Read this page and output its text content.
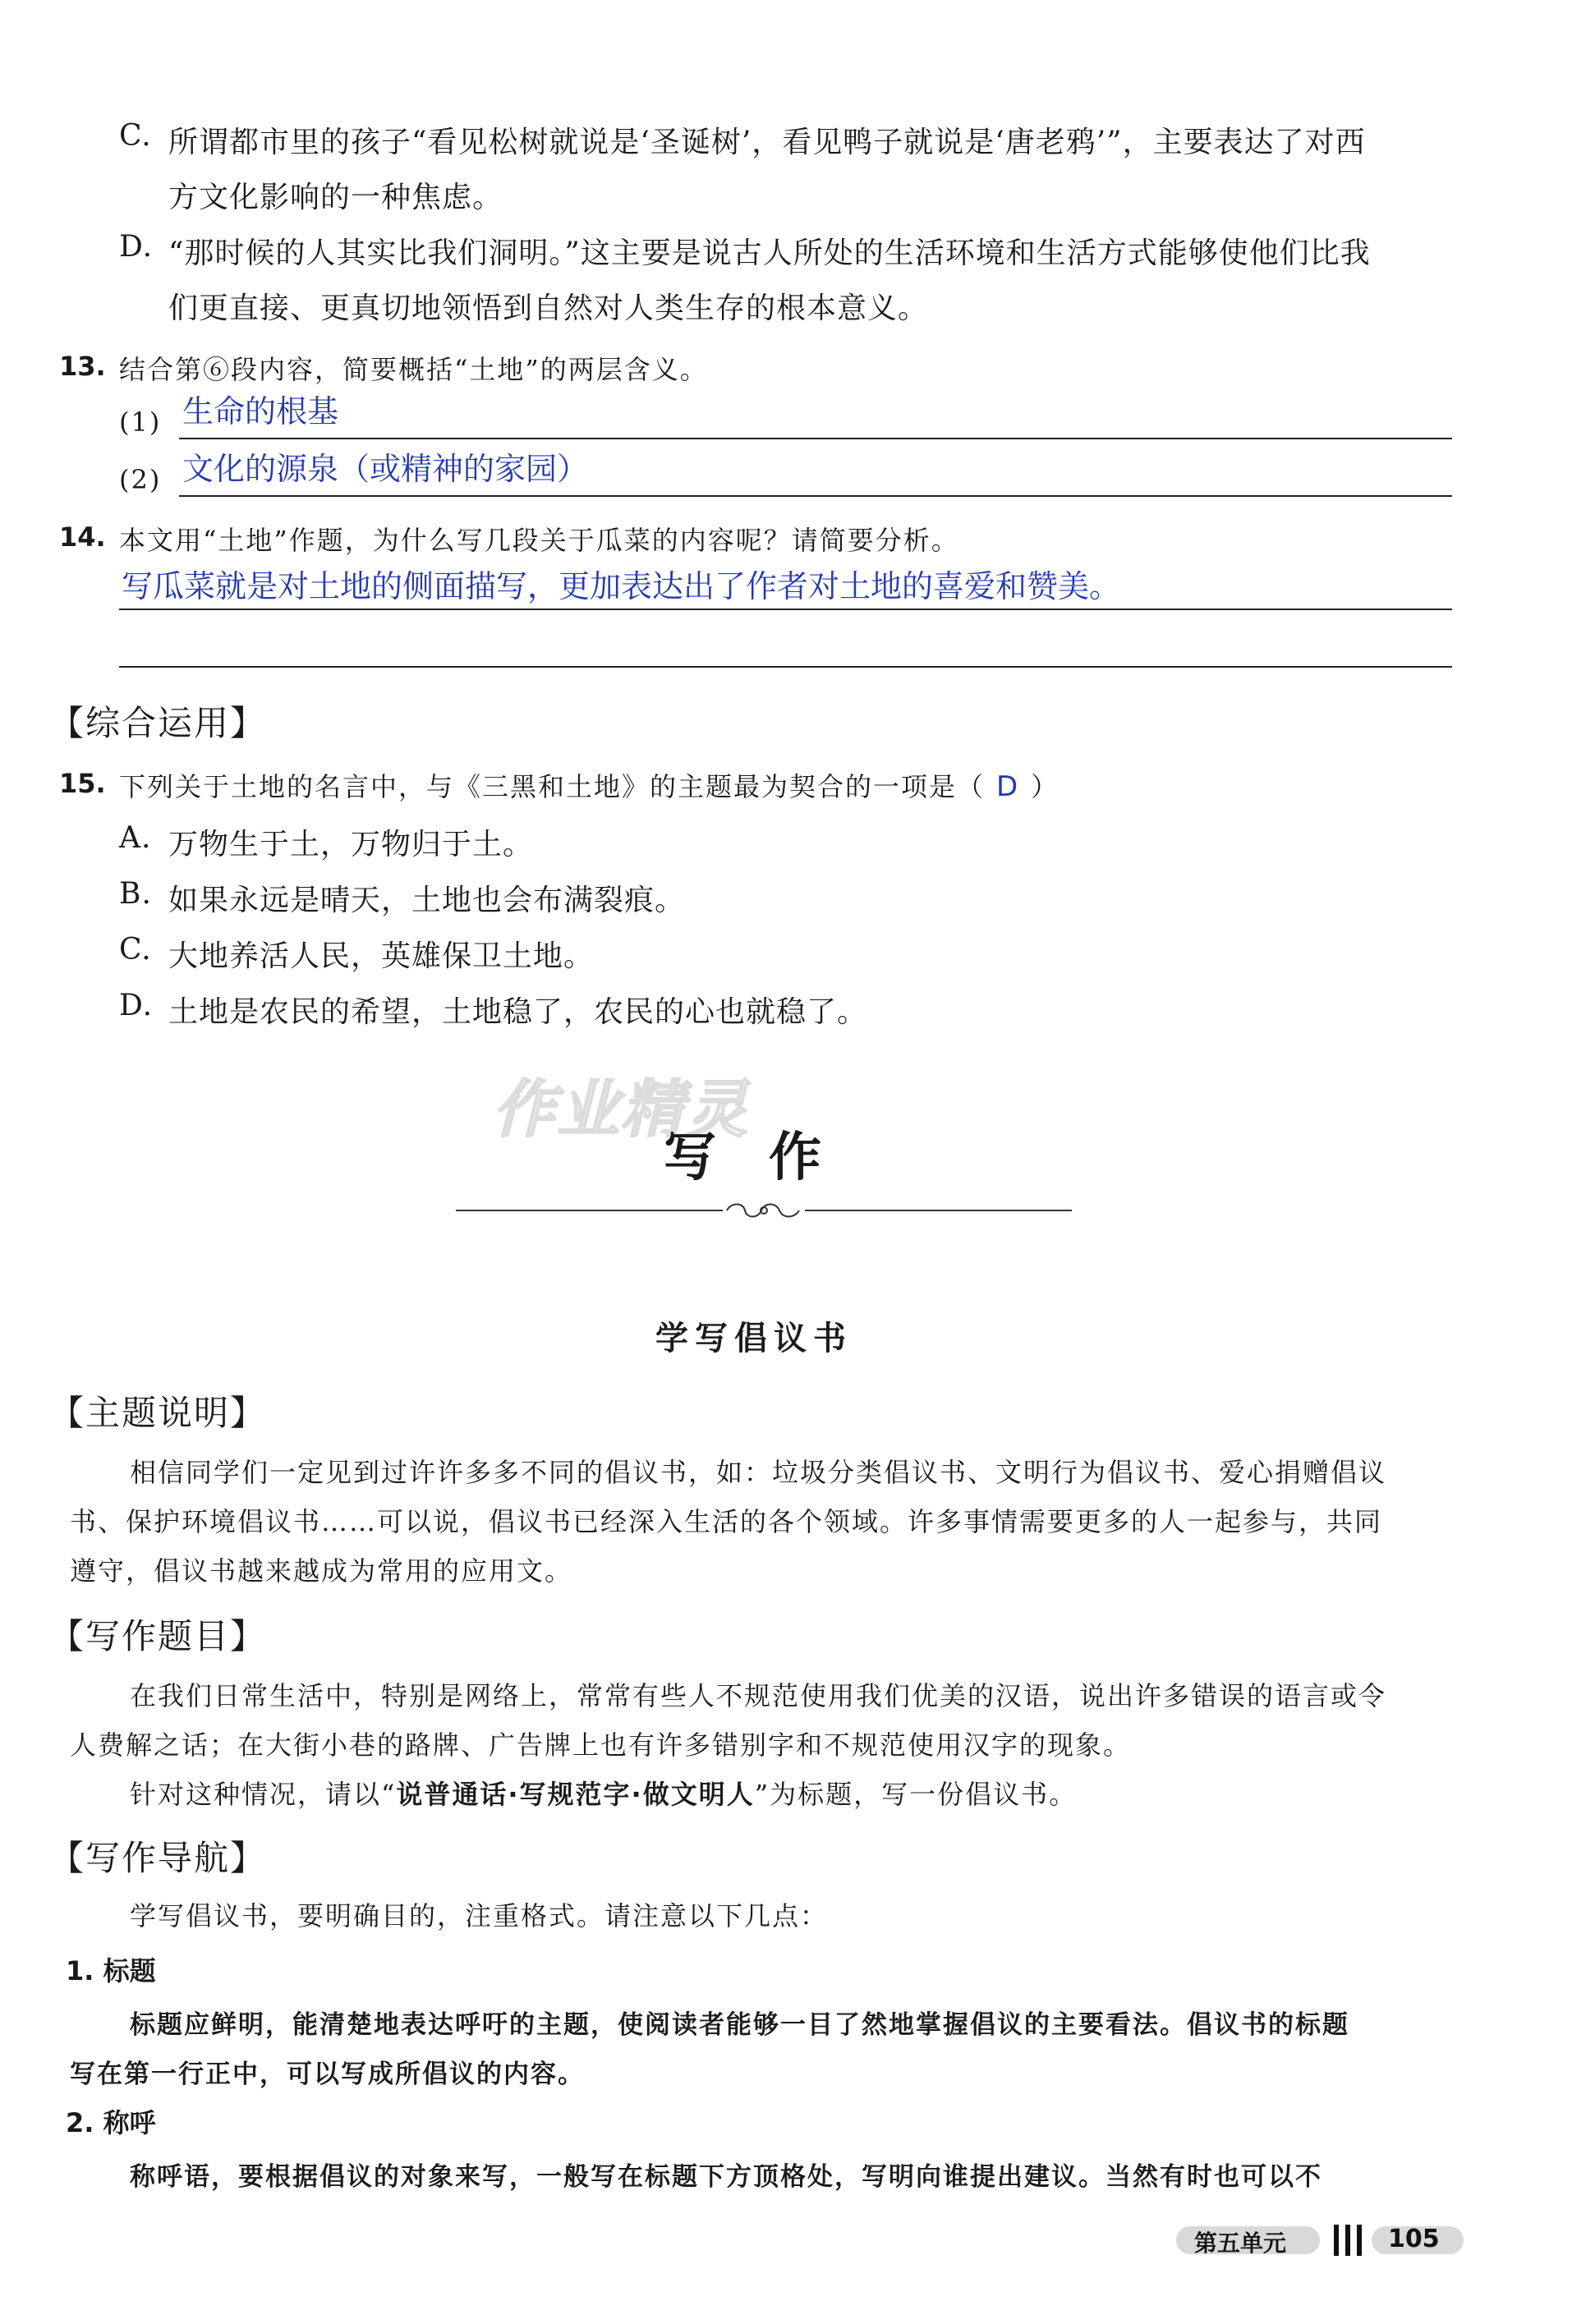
C. 所谓都市里的孩子“看见松树就说是‘圣诞树’，看见鸭子就说是‘唐老鸦’”，主要表达了对西
方文化影响的一种焦虑。
D. “那时候的人其实比我们洞明。”这主要是说古人所处的生活环境和生活方式能够使他们比我
们更直接、更真切地领悟到自然对人类生存的根本意义。
13. 结合第⑥段内容，简要概括“土地”的两层含义。
(1) 生命的根基
(2) 文化的源泉（或精神的家园）
14. 本文用“土地”作题，为什么写几段关于瓜菜的内容呢？请简要分析。
写瓜菜就是对土地的侧面描写，更加表达出了作者对土地的喜爱和赞美。
【综合运用】
15. 下列关于土地的名言中，与《三黑和土地》的主题最为契合的一项是（ D ）
A. 万物生于土，万物归于土。
B. 如果永远是晴天，土地也会布满裂痕。
C. 大地养活人民，英雄保卫土地。
D. 土地是农民的希望，土地稳了，农民的心也就稳了。
作业精灵
写　作
学写倡议书
【主题说明】
相信同学们一定见到过许许多多不同的倡议书，如：垃圾分类倡议书、文明行为倡议书、爱心捐赠倡议
书、保护环境倡议书……可以说，倡议书已经深入生活的各个领域。许多事情需要更多的人一起参与，共同
遵守，倡议书越来越成为常用的应用文。
【写作题目】
在我们日常生活中，特别是网络上，常常有些人不规范使用我们优美的汉语，说出许多错误的语言或令
人费解之话；在大街小巷的路牌、广告牌上也有许多错别字和不规范使用汉字的现象。
针对这种情况，请以“说普通话·写规范字·做文明人”为标题，写一份倡议书。
【写作导航】
学写倡议书，要明确目的，注重格式。请注意以下几点：
1. 标题
标题应鲜明，能清楚地表达呼吁的主题，使阅读者能够一目了然地掌握倡议的主要看法。倡议书的标题
写在第一行正中，可以写成所倡议的内容。
2. 称呼
称呼语，要根据倡议的对象来写，一般写在标题下方顶格处，写明向谁提出建议。当然有时也可以不
第五单元	105
